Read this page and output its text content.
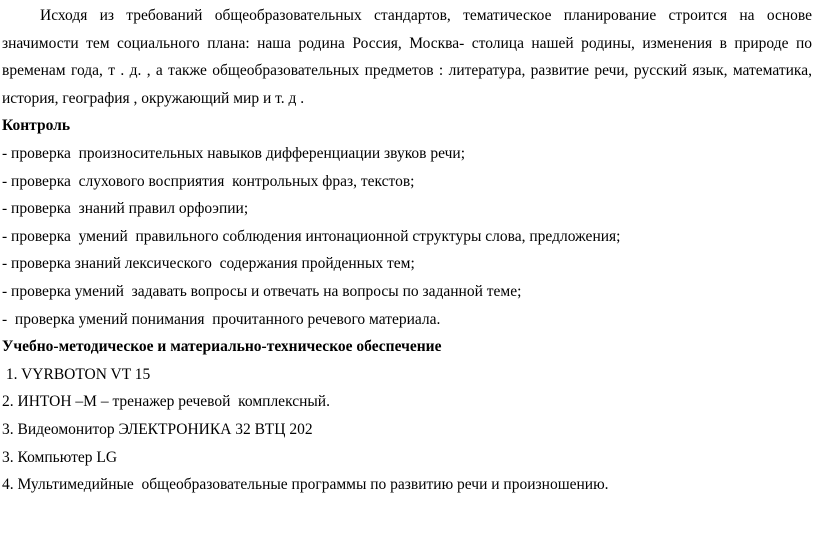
Исходя из требований общеобразовательных стандартов, тематическое планирование строится на основе значимости тем социального плана: наша родина Россия, Москва- столица нашей родины, изменения в природе по временам года, т . д. , а также общеобразовательных предметов : литература, развитие речи, русский язык, математика, история, география , окружающий мир и т. д .

Контроль

- проверка  произносительных навыков дифференциации звуков речи;

- проверка  слухового восприятия  контрольных фраз, текстов;

- проверка  знаний правил орфоэпии;

- проверка  умений  правильного соблюдения интонационной структуры слова, предложения;

- проверка знаний лексического  содержания пройденных тем;

- проверка умений  задавать вопросы и отвечать на вопросы по заданной теме;

-  проверка умений понимания  прочитанного речевого материала.

Учебно-методическое и материально-техническое обеспечение

1. VYRBOTON VT 15

2. ИНТОН –М – тренажер речевой  комплексный.

3. Видеомонитор ЭЛЕКТРОНИКА 32 ВТЦ 202

3. Компьютер LG

4. Мультимедийные  общеобразовательные программы по развитию речи и произношению.
